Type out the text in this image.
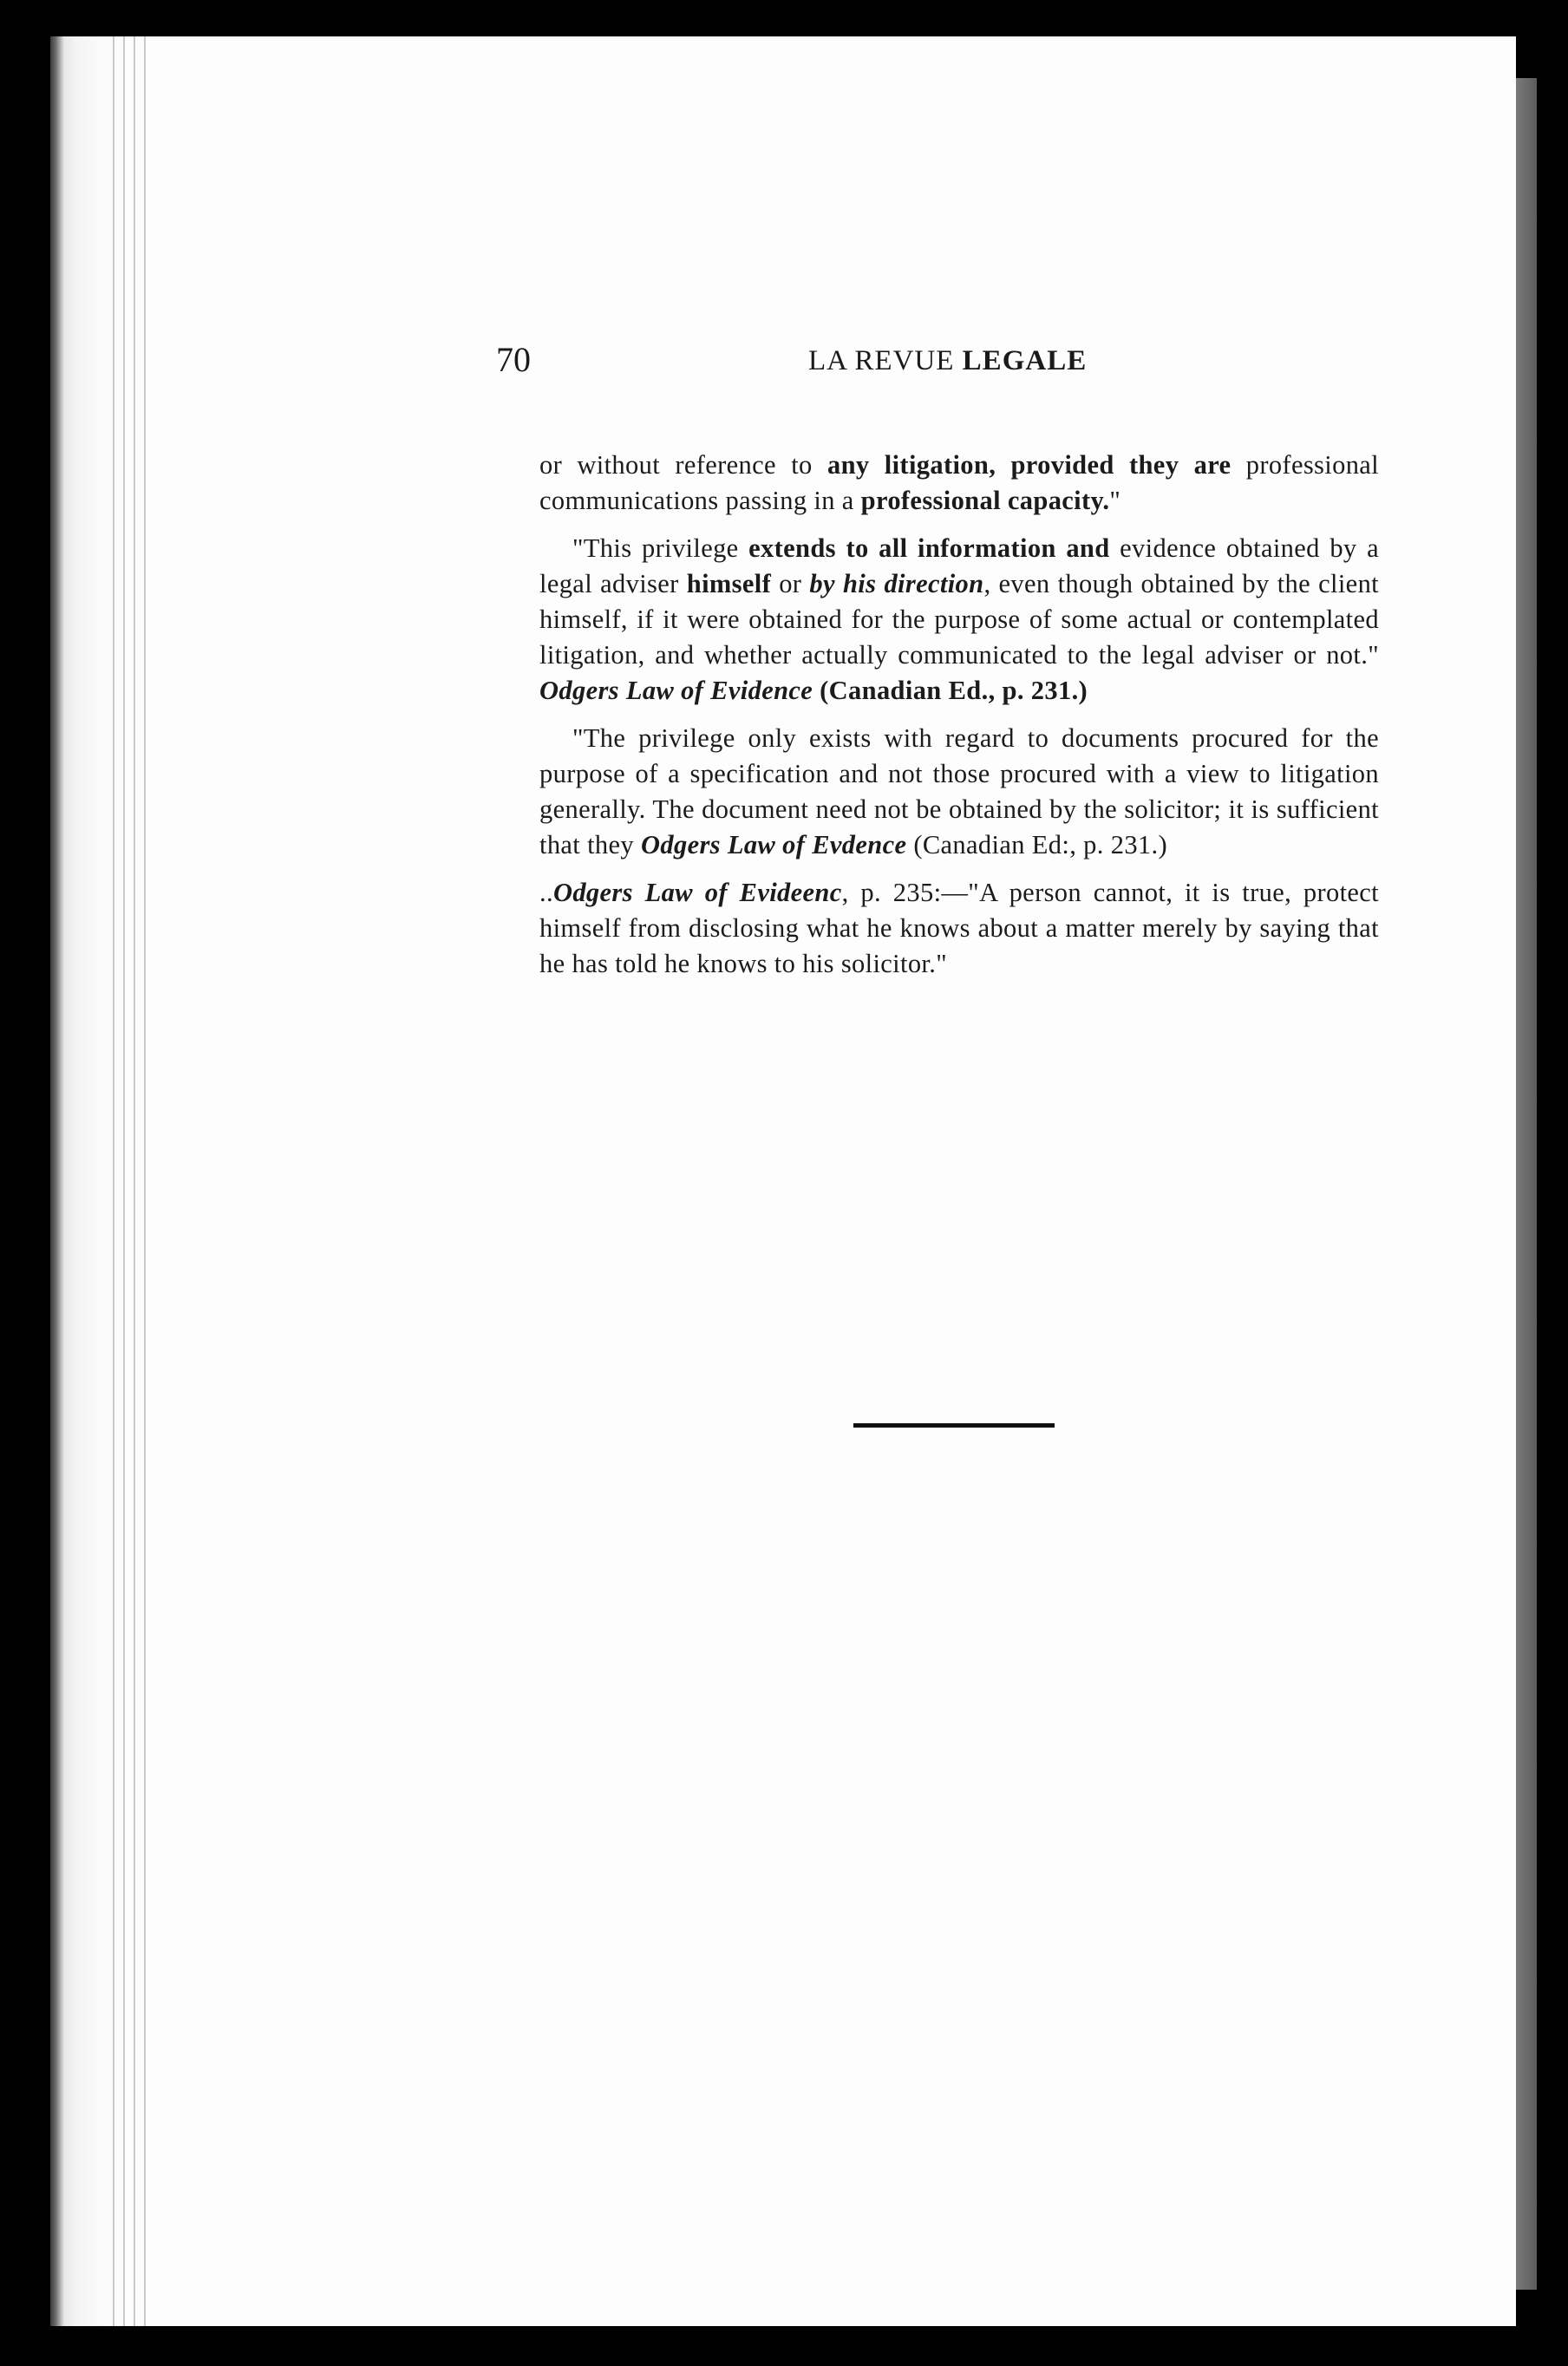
70	LA REVUE LEGALE

or without reference to any litigation, provided they are professional communications passing in a professional capacity."

"This privilege extends to all information and evidence obtained by a legal adviser himself or by his direction, even though obtained by the client himself, if it were obtained for the purpose of some actual or contemplated litigation, and whether actually communicated to the legal adviser or not." Odgers Law of Evidence (Canadian Ed., p. 231.)

"The privilege only exists with regard to documents procured for the purpose of a specification and not those procured with a view to litigation generally. The document need not be obtained by the solicitor; it is sufficient that they Odgers Law of Evdence (Canadian Ed:, p. 231.)

..Odgers Law of Evideenc, p. 235:—"A person cannot, it is true, protect himself from disclosing what he knows about a matter merely by saying that he has told he knows to his solicitor."
